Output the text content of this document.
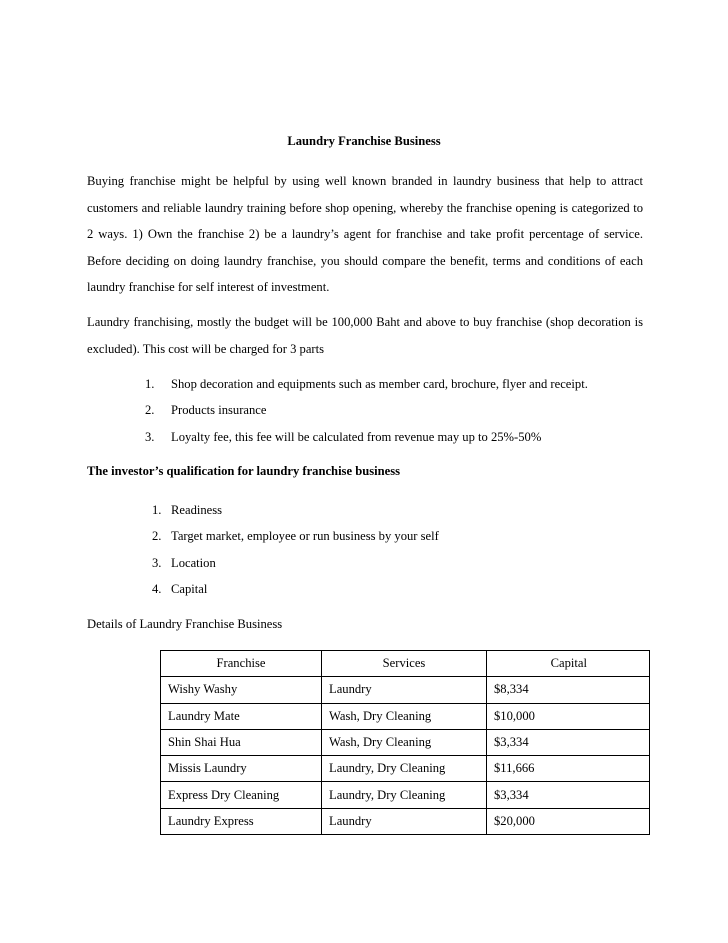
Laundry Franchise Business

Buying franchise might be helpful by using well known branded in laundry business that help to attract
customers and reliable laundry training before shop opening, whereby the franchise opening is categorized to
2 ways. 1) Own the franchise 2) be a laundry’s agent for franchise and take profit percentage of service.
Before deciding on doing laundry franchise, you should compare the benefit, terms and conditions of each
laundry franchise for self interest of investment.

Laundry franchising, mostly the budget will be 100,000 Baht and above to buy franchise (shop decoration is
excluded). This cost will be charged for 3 parts

1. Shop decoration and equipments such as member card, brochure, flyer and receipt.
2. Products insurance
3. Loyalty fee, this fee will be calculated from revenue may up to 25%-50%
The investor’s qualification for laundry franchise business
1. Readiness
2. Target market, employee or run business by your self
3. Location
4. Capital
Details of Laundry Franchise Business
Franchise	Services	Capital
Wishy Washy	Laundry	$8,334
Laundry Mate	Wash, Dry Cleaning	$10,000
Shin Shai Hua	Wash, Dry Cleaning	$3,334
Missis Laundry	Laundry, Dry Cleaning	$11,666
Express Dry Cleaning	Laundry, Dry Cleaning	$3,334
Laundry Express	Laundry	$20,000
